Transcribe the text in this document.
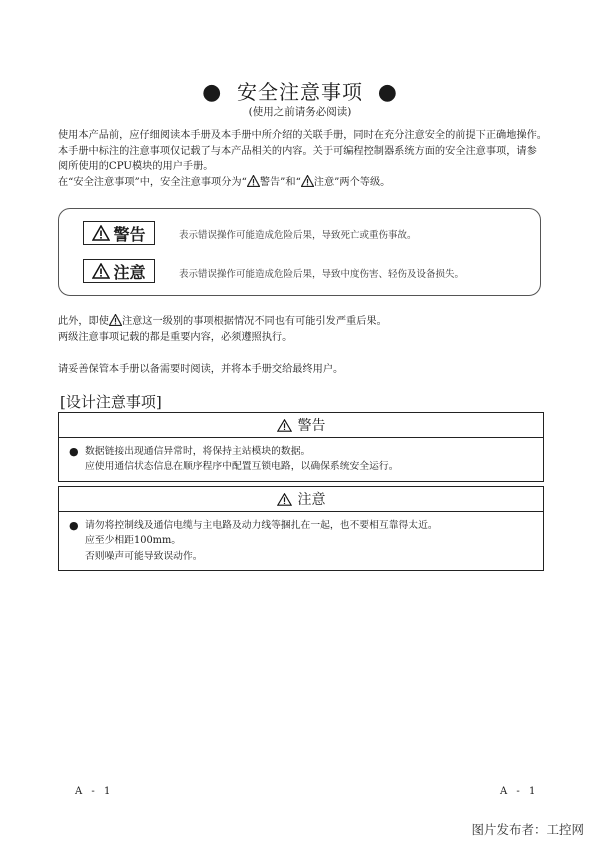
● 安全注意事项 ●
(使用之前请务必阅读)

使用本产品前，应仔细阅读本手册及本手册中所介绍的关联手册，同时在充分注意安全的前提下正确地操作。

本手册中标注的注意事项仅记载了与本产品相关的内容。关于可编程控制器系统方面的安全注意事项，请参

阅所使用的CPU模块的用户手册。

在“安全注意事项”中，安全注意事项分为“ 警告”和“ 注意”两个等级。

警告	表示错误操作可能造成危险后果，导致死亡或重伤事故。
注意	表示错误操作可能造成危险后果，导致中度伤害、轻伤及设备损失。

此外，即使 注意这一级别的事项根据情况不同也有可能引发严重后果。

两级注意事项记载的都是重要内容，必须遵照执行。

请妥善保管本手册以备需要时阅读，并将本手册交给最终用户。
[设计注意事项]
警告
● 数据链接出现通信异常时，将保持主站模块的数据。

应使用通信状态信息在顺序程序中配置互锁电路，以确保系统安全运行。

注意
● 请勿将控制线及通信电缆与主电路及动力线等捆扎在一起，也不要相互靠得太近。

应至少相距100mm。

否则噪声可能导致误动作。

A - 1	A - 1
图片发布者：工控网
